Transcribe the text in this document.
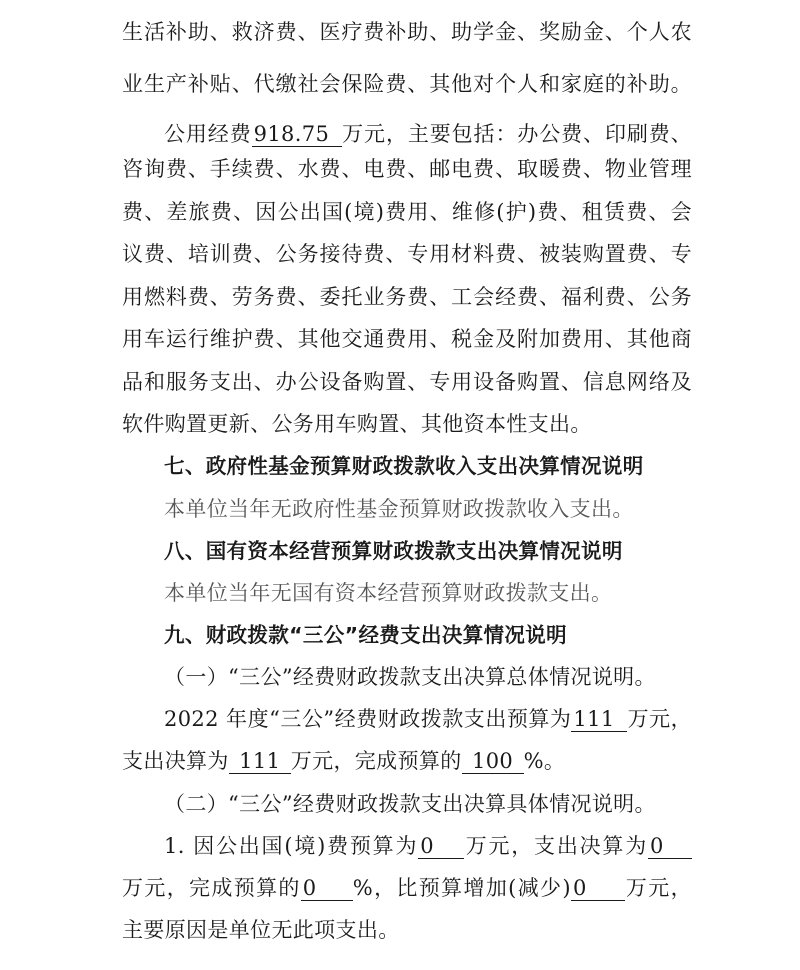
生活补助、救济费、医疗费补助、助学金、奖励金、个人农
业生产补贴、代缴社会保险费、其他对个人和家庭的补助。
公用经费918.75 万元，主要包括：办公费、印刷费、
咨询费、手续费、水费、电费、邮电费、取暖费、物业管理
费、差旅费、因公出国(境)费用、维修(护)费、租赁费、会
议费、培训费、公务接待费、专用材料费、被装购置费、专
用燃料费、劳务费、委托业务费、工会经费、福利费、公务
用车运行维护费、其他交通费用、税金及附加费用、其他商
品和服务支出、办公设备购置、专用设备购置、信息网络及
软件购置更新、公务用车购置、其他资本性支出。
七、政府性基金预算财政拨款收入支出决算情况说明
本单位当年无政府性基金预算财政拨款收入支出。
八、国有资本经营预算财政拨款支出决算情况说明
本单位当年无国有资本经营预算财政拨款支出。
九、财政拨款“三公”经费支出决算情况说明
（一）“三公”经费财政拨款支出决算总体情况说明。
2022 年度“三公”经费财政拨款支出预算为111 万元，
支出决算为 111 万元，完成预算的 100 %。
（二）“三公”经费财政拨款支出决算具体情况说明。
1. 因公出国(境)费预算为0 万元，支出决算为0
万元，完成预算的0 %，比预算增加(减少)0 万元，
主要原因是单位无此项支出。
